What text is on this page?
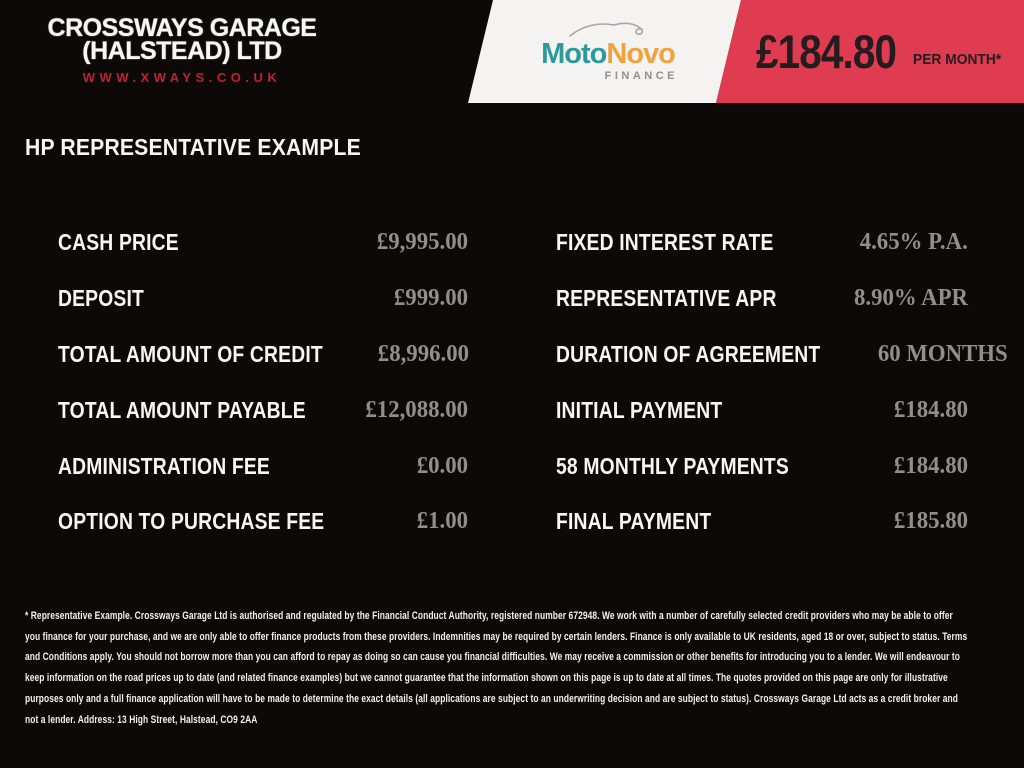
CROSSWAYS GARAGE
(HALSTEAD) LTD
WWW.XWAYS.CO.UK
MotoNovo
FINANCE £184.80 PER MONTH*
HP REPRESENTATIVE EXAMPLE
CASH PRICE	£9,995.00
DEPOSIT	£999.00
TOTAL AMOUNT OF CREDIT £8,996.00
TOTAL AMOUNT PAYABLE £12,088.00
ADMINISTRATION FEE	£0.00
OPTION TO PURCHASE FEE	£1.00
FIXED INTEREST RATE	4.65% P.A.
REPRESENTATIVE APR	8.90% APR
DURATION OF AGREEMENT 60 MONTHS
INITIAL PAYMENT	£184.80
58 MONTHLY PAYMENTS	£184.80
FINAL PAYMENT	£185.80
* Representative Example. Crossways Garage Ltd is authorised and regulated by the Financial Conduct Authority, registered number 672948. We work with a number of carefully selected credit providers who may be able to offer you finance for your purchase, and we are only able to offer finance products from these providers. Indemnities may be required by certain lenders. Finance is only available to UK residents, aged 18 or over, subject to status. Terms and Conditions apply. You should not borrow more than you can afford to repay as doing so can cause you financial difficulties. We may receive a commission or other benefits for introducing you to a lender. We will endeavour to keep information on the road prices up to date (and related finance examples) but we cannot guarantee that the information shown on this page is up to date at all times. The quotes provided on this page are only for illustrative purposes only and a full finance application will have to be made to determine the exact details (all applications are subject to an underwriting decision and are subject to status). Crossways Garage Ltd acts as a credit broker and not a lender. Address: 13 High Street, Halstead, CO9 2AA
